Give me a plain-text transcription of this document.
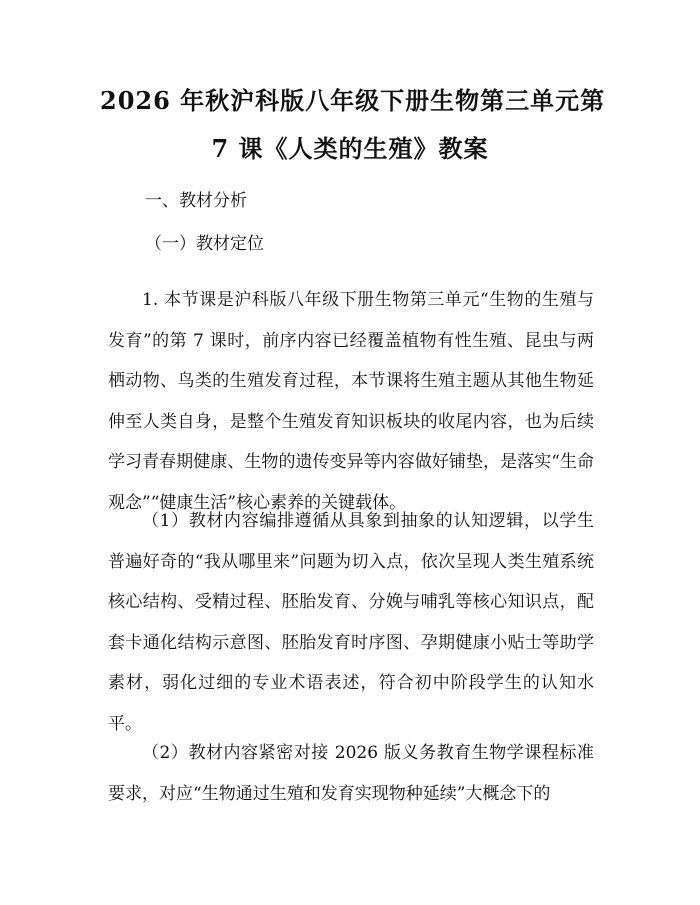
2026 年秋沪科版八年级下册生物第三单元第
7 课《人类的生殖》教案
一、教材分析
（一）教材定位
1. 本节课是沪科版八年级下册生物第三单元“生物的生殖与发育”的第 7 课时，前序内容已经覆盖植物有性生殖、昆虫与两栖动物、鸟类的生殖发育过程，本节课将生殖主题从其他生物延伸至人类自身，是整个生殖发育知识板块的收尾内容，也为后续学习青春期健康、生物的遗传变异等内容做好铺垫，是落实“生命观念”“健康生活”核心素养的关键载体。
（1）教材内容编排遵循从具象到抽象的认知逻辑，以学生普遍好奇的“我从哪里来”问题为切入点，依次呈现人类生殖系统核心结构、受精过程、胚胎发育、分娩与哺乳等核心知识点，配套卡通化结构示意图、胚胎发育时序图、孕期健康小贴士等助学素材，弱化过细的专业术语表述，符合初中阶段学生的认知水平。
（2）教材内容紧密对接 2026 版义务教育生物学课程标准要求，对应“生物通过生殖和发育实现物种延续”大概念下的
